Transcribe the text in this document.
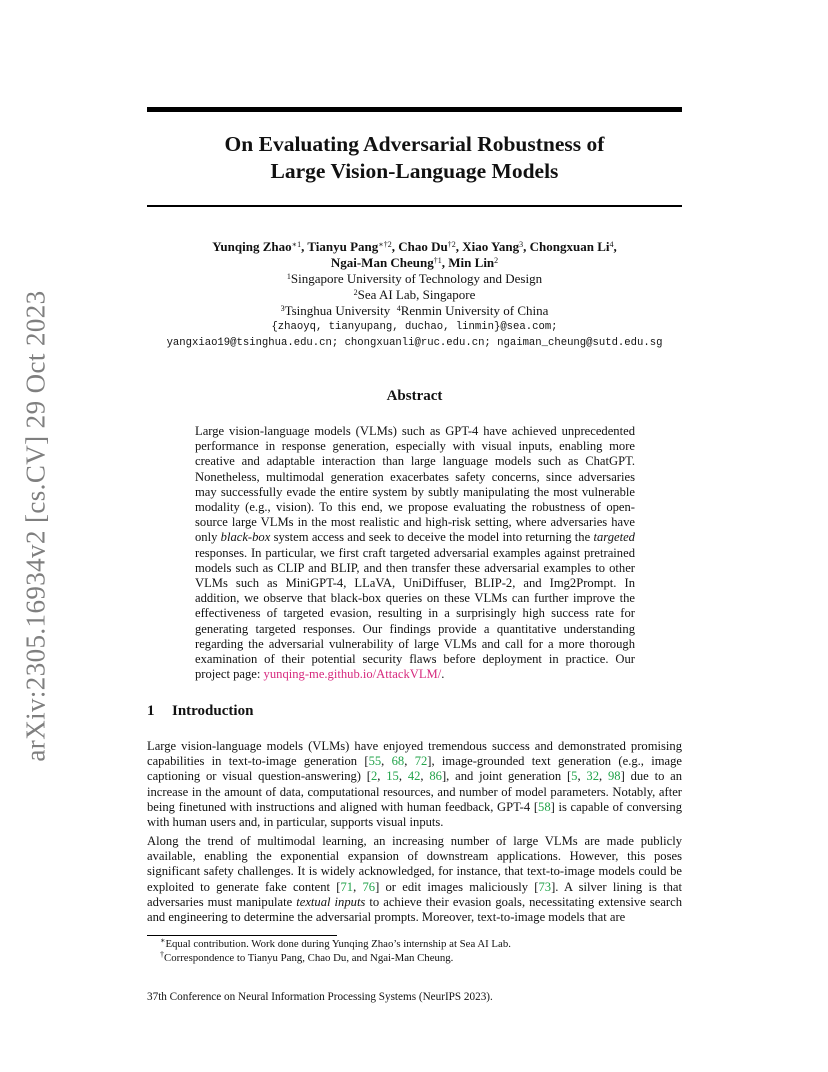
arXiv:2305.16934v2 [cs.CV] 29 Oct 2023
On Evaluating Adversarial Robustness of
Large Vision-Language Models
Yunqing Zhao$^{∗1}$, Tianyu Pang$^{∗\dagger 2}$, Chao Du$^{\dagger 2}$, Xiao Yang$^3$, Chongxuan Li$^4$,
Ngai-Man Cheung$^{\dagger 1}$, Min Lin$^2$
$^1$Singapore University of Technology and Design
$^2$Sea AI Lab, Singapore
$^3$Tsinghua University $^4$Renmin University of China
{zhaoyq, tianyupang, duchao, linmin}@sea.com;
yangxiao19@tsinghua.edu.cn; chongxuanli@ruc.edu.cn; ngaiman_cheung@sutd.edu.sg
Abstract
Large vision-language models (VLMs) such as GPT-4 have achieved unprecedented performance in response generation, especially with visual inputs, enabling more creative and adaptable interaction than large language models such as ChatGPT. Nonetheless, multimodal generation exacerbates safety concerns, since adversaries may successfully evade the entire system by subtly manipulating the most vulnerable modality (e.g., vision). To this end, we propose evaluating the robustness of open-source large VLMs in the most realistic and high-risk setting, where adversaries have only black-box system access and seek to deceive the model into returning the targeted responses. In particular, we first craft targeted adversarial examples against pretrained models such as CLIP and BLIP, and then transfer these adversarial examples to other VLMs such as MiniGPT-4, LLaVA, UniDiffuser, BLIP-2, and Img2Prompt. In addition, we observe that black-box queries on these VLMs can further improve the effectiveness of targeted evasion, resulting in a surprisingly high success rate for generating targeted responses. Our findings provide a quantitative understanding regarding the adversarial vulnerability of large VLMs and call for a more thorough examination of their potential security flaws before deployment in practice. Our project page: yunqing-me.github.io/AttackVLM/.
1 Introduction

Large vision-language models (VLMs) have enjoyed tremendous success and demonstrated promising capabilities in text-to-image generation [55, 68, 72], image-grounded text generation (e.g., image captioning or visual question-answering) [2, 15, 42, 86], and joint generation [5, 32, 98] due to an increase in the amount of data, computational resources, and number of model parameters. Notably, after being finetuned with instructions and aligned with human feedback, GPT-4 [58] is capable of conversing with human users and, in particular, supports visual inputs.

Along the trend of multimodal learning, an increasing number of large VLMs are made publicly available, enabling the exponential expansion of downstream applications. However, this poses significant safety challenges. It is widely acknowledged, for instance, that text-to-image models could be exploited to generate fake content [71, 76] or edit images maliciously [73]. A silver lining is that adversaries must manipulate textual inputs to achieve their evasion goals, necessitating extensive search and engineering to determine the adversarial prompts. Moreover, text-to-image models that are

∗Equal contribution. Work done during Yunqing Zhao’s internship at Sea AI Lab.
†Correspondence to Tianyu Pang, Chao Du, and Ngai-Man Cheung.
37th Conference on Neural Information Processing Systems (NeurIPS 2023).
